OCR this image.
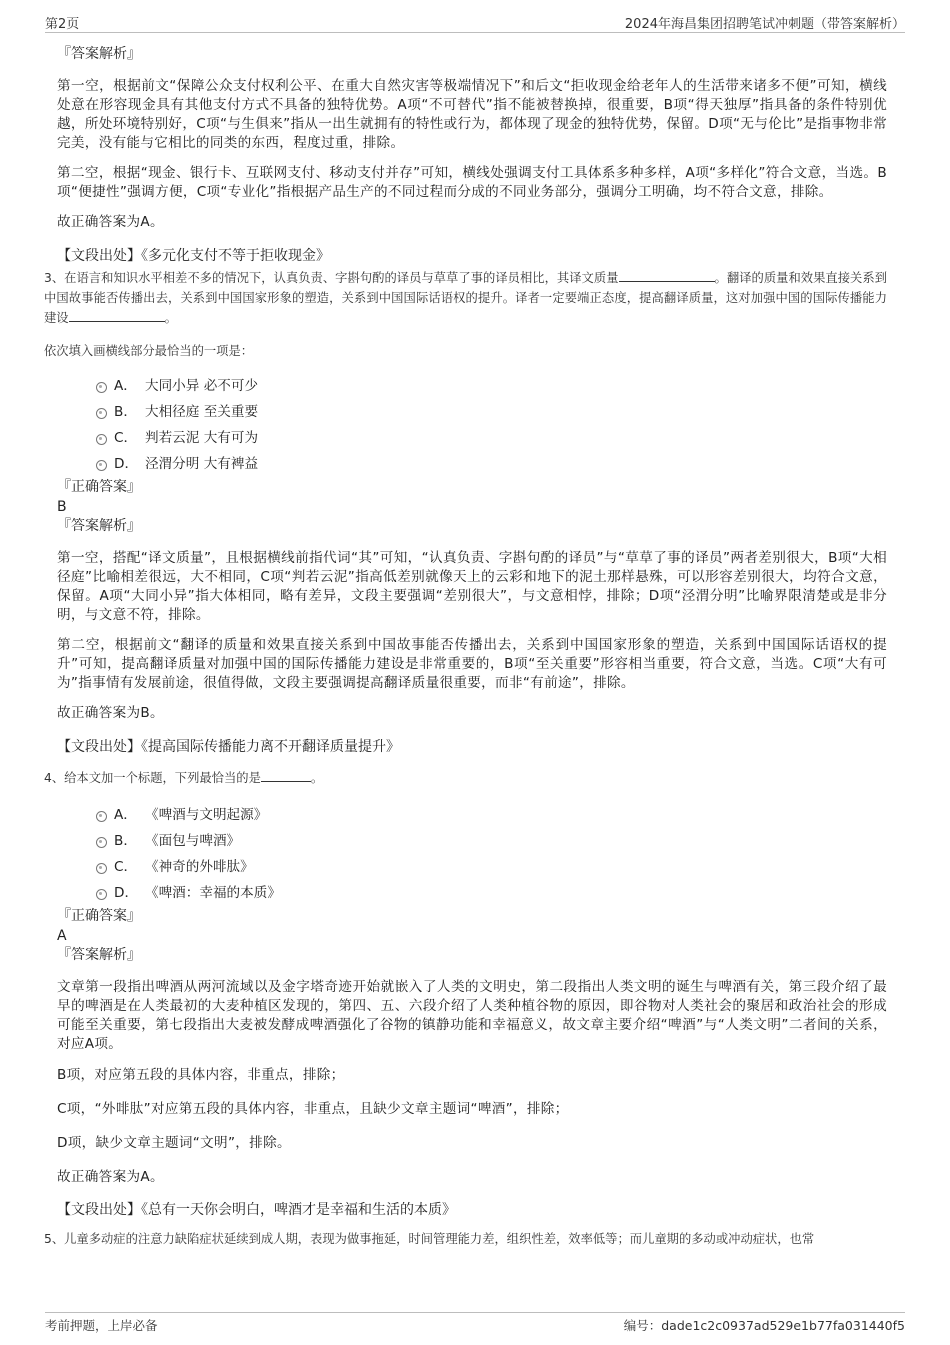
第2页	2024年海昌集团招聘笔试冲刺题（带答案解析）

『答案解析』

第一空，根据前文“保障公众支付权利公平、在重大自然灾害等极端情况下”和后文“拒收现金给老年人的生活带来诸多不便”可知，横线处意在形容现金具有其他支付方式不具备的独特优势。A项“不可替代”指不能被替换掉，很重要，B项“得天独厚”指具备的条件特别优越，所处环境特别好，C项“与生俱来”指从一出生就拥有的特性或行为，都体现了现金的独特优势，保留。D项“无与伦比”是指事物非常完美，没有能与它相比的同类的东西，程度过重，排除。

第二空，根据“现金、银行卡、互联网支付、移动支付并存”可知，横线处强调支付工具体系多种多样，A项“多样化”符合文意，当选。B项“便捷性”强调方便，C项“专业化”指根据产品生产的不同过程而分成的不同业务部分，强调分工明确，均不符合文意，排除。

故正确答案为A。

【文段出处】《多元化支付不等于拒收现金》

3、在语言和知识水平相差不多的情况下，认真负责、字斟句酌的译员与草草了事的译员相比，其译文质量	。翻译的质量和效果直接关系到中国故事能否传播出去，关系到中国国家形象的塑造，关系到中国国际话语权的提升。译者一定要端正态度，提高翻译质量，这对加强中国的国际传播能力建设	。

依次填入画横线部分最恰当的一项是：

A． 大同小异 必不可少
B． 大相径庭 至关重要
C． 判若云泥 大有可为
D． 泾渭分明 大有裨益

『正确答案』

B

『答案解析』

第一空，搭配“译文质量”，且根据横线前指代词“其”可知，“认真负责、字斟句酌的译员”与“草草了事的译员”两者差别很大，B项“大相径庭”比喻相差很远，大不相同，C项“判若云泥”指高低差别就像天上的云彩和地下的泥土那样悬殊，可以形容差别很大，均符合文意，保留。A项“大同小异”指大体相同，略有差异，文段主要强调“差别很大”，与文意相悖，排除；D项“泾渭分明”比喻界限清楚或是非分明，与文意不符，排除。

第二空，根据前文“翻译的质量和效果直接关系到中国故事能否传播出去，关系到中国国家形象的塑造，关系到中国国际话语权的提升”可知，提高翻译质量对加强中国的国际传播能力建设是非常重要的，B项“至关重要”形容相当重要，符合文意，当选。C项“大有可为”指事情有发展前途，很值得做，文段主要强调提高翻译质量很重要，而非“有前途”，排除。

故正确答案为B。

【文段出处】《提高国际传播能力离不开翻译质量提升》

4、给本文加一个标题，下列最恰当的是	。

A． 《啤酒与文明起源》
B． 《面包与啤酒》
C． 《神奇的外啡肽》
D． 《啤酒：幸福的本质》

『正确答案』

A

『答案解析』

文章第一段指出啤酒从两河流域以及金字塔奇迹开始就嵌入了人类的文明史，第二段指出人类文明的诞生与啤酒有关，第三段介绍了最早的啤酒是在人类最初的大麦种植区发现的，第四、五、六段介绍了人类种植谷物的原因，即谷物对人类社会的聚居和政治社会的形成可能至关重要，第七段指出大麦被发酵成啤酒强化了谷物的镇静功能和幸福意义，故文章主要介绍“啤酒”与“人类文明”二者间的关系，对应A项。

B项，对应第五段的具体内容，非重点，排除；

C项，“外啡肽”对应第五段的具体内容，非重点，且缺少文章主题词“啤酒”，排除；

D项，缺少文章主题词“文明”，排除。

故正确答案为A。

【文段出处】《总有一天你会明白，啤酒才是幸福和生活的本质》

5、儿童多动症的注意力缺陷症状延续到成人期，表现为做事拖延，时间管理能力差，组织性差，效率低等；而儿童期的多动或冲动症状，也常

考前押题，上岸必备	编号：dade1c2c0937ad529e1b77fa031440f5
